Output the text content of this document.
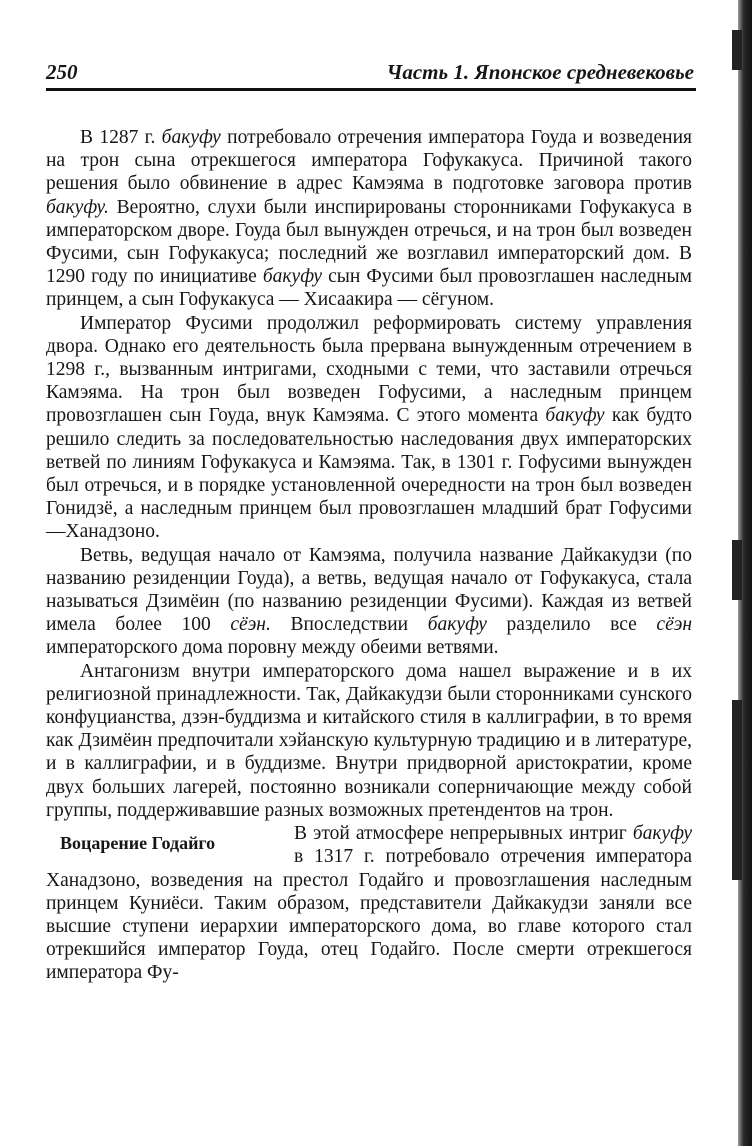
250	Часть 1. Японское средневековье

В 1287 г. бакуфу потребовало отречения императора Гоуда и возведения на трон сына отрекшегося императора Гофукакуса. Причиной такого решения было обвинение в адрес Камэяма в подготовке заговора против бакуфу. Вероятно, слухи были инспирированы сторонниками Гофукакуса в императорском дворе. Гоуда был вынужден отречься, и на трон был возведен Фусими, сын Гофукакуса; последний же возглавил императорский дом. В 1290 году по инициативе бакуфу сын Фусими был провозглашен наследным принцем, а сын Гофукакуса — Хисаакира — сёгуном.

Император Фусими продолжил реформировать систему управления двора. Однако его деятельность была прервана вынужденным отречением в 1298 г., вызванным интригами, сходными с теми, что заставили отречься Камэяма. На трон был возведен Гофусими, а наследным принцем провозглашен сын Гоуда, внук Камэяма. С этого момента бакуфу как будто решило следить за последовательностью наследования двух императорских ветвей по линиям Гофукакуса и Камэяма. Так, в 1301 г. Гофусими вынужден был отречься, и в порядке установленной очередности на трон был возведен Гонидзё, а наследным принцем был провозглашен младший брат Гофусими —Ханадзоно.

Ветвь, ведущая начало от Камэяма, получила название Дайкакудзи (по названию резиденции Гоуда), а ветвь, ведущая начало от Гофукакуса, стала называться Дзимёин (по названию резиденции Фусими). Каждая из ветвей имела более 100 сёэн. Впоследствии бакуфу разделило все сёэн императорского дома поровну между обеими ветвями.

Антагонизм внутри императорского дома нашел выражение и в их религиозной принадлежности. Так, Дайкакудзи были сторонниками сунского конфуцианства, дзэн-буддизма и китайского стиля в каллиграфии, в то время как Дзимёин предпочитали хэйанскую культурную традицию и в литературе, и в каллиграфии, и в буддизме. Внутри придворной аристократии, кроме двух больших лагерей, постоянно возникали соперничающие между собой группы, поддерживавшие разных возможных претендентов на трон.

Воцарение Годайго	В этой атмосфере непрерывных интриг бакуфу в 1317 г. потребовало отречения императора Ханадзоно, возведения на престол Годайго и провозглашения наследным принцем Куниёси. Таким образом, представители Дайкакудзи заняли все высшие ступени иерархии императорского дома, во главе которого стал отрекшийся император Гоуда, отец Годайго. После смерти отрекшегося императора Фу-
